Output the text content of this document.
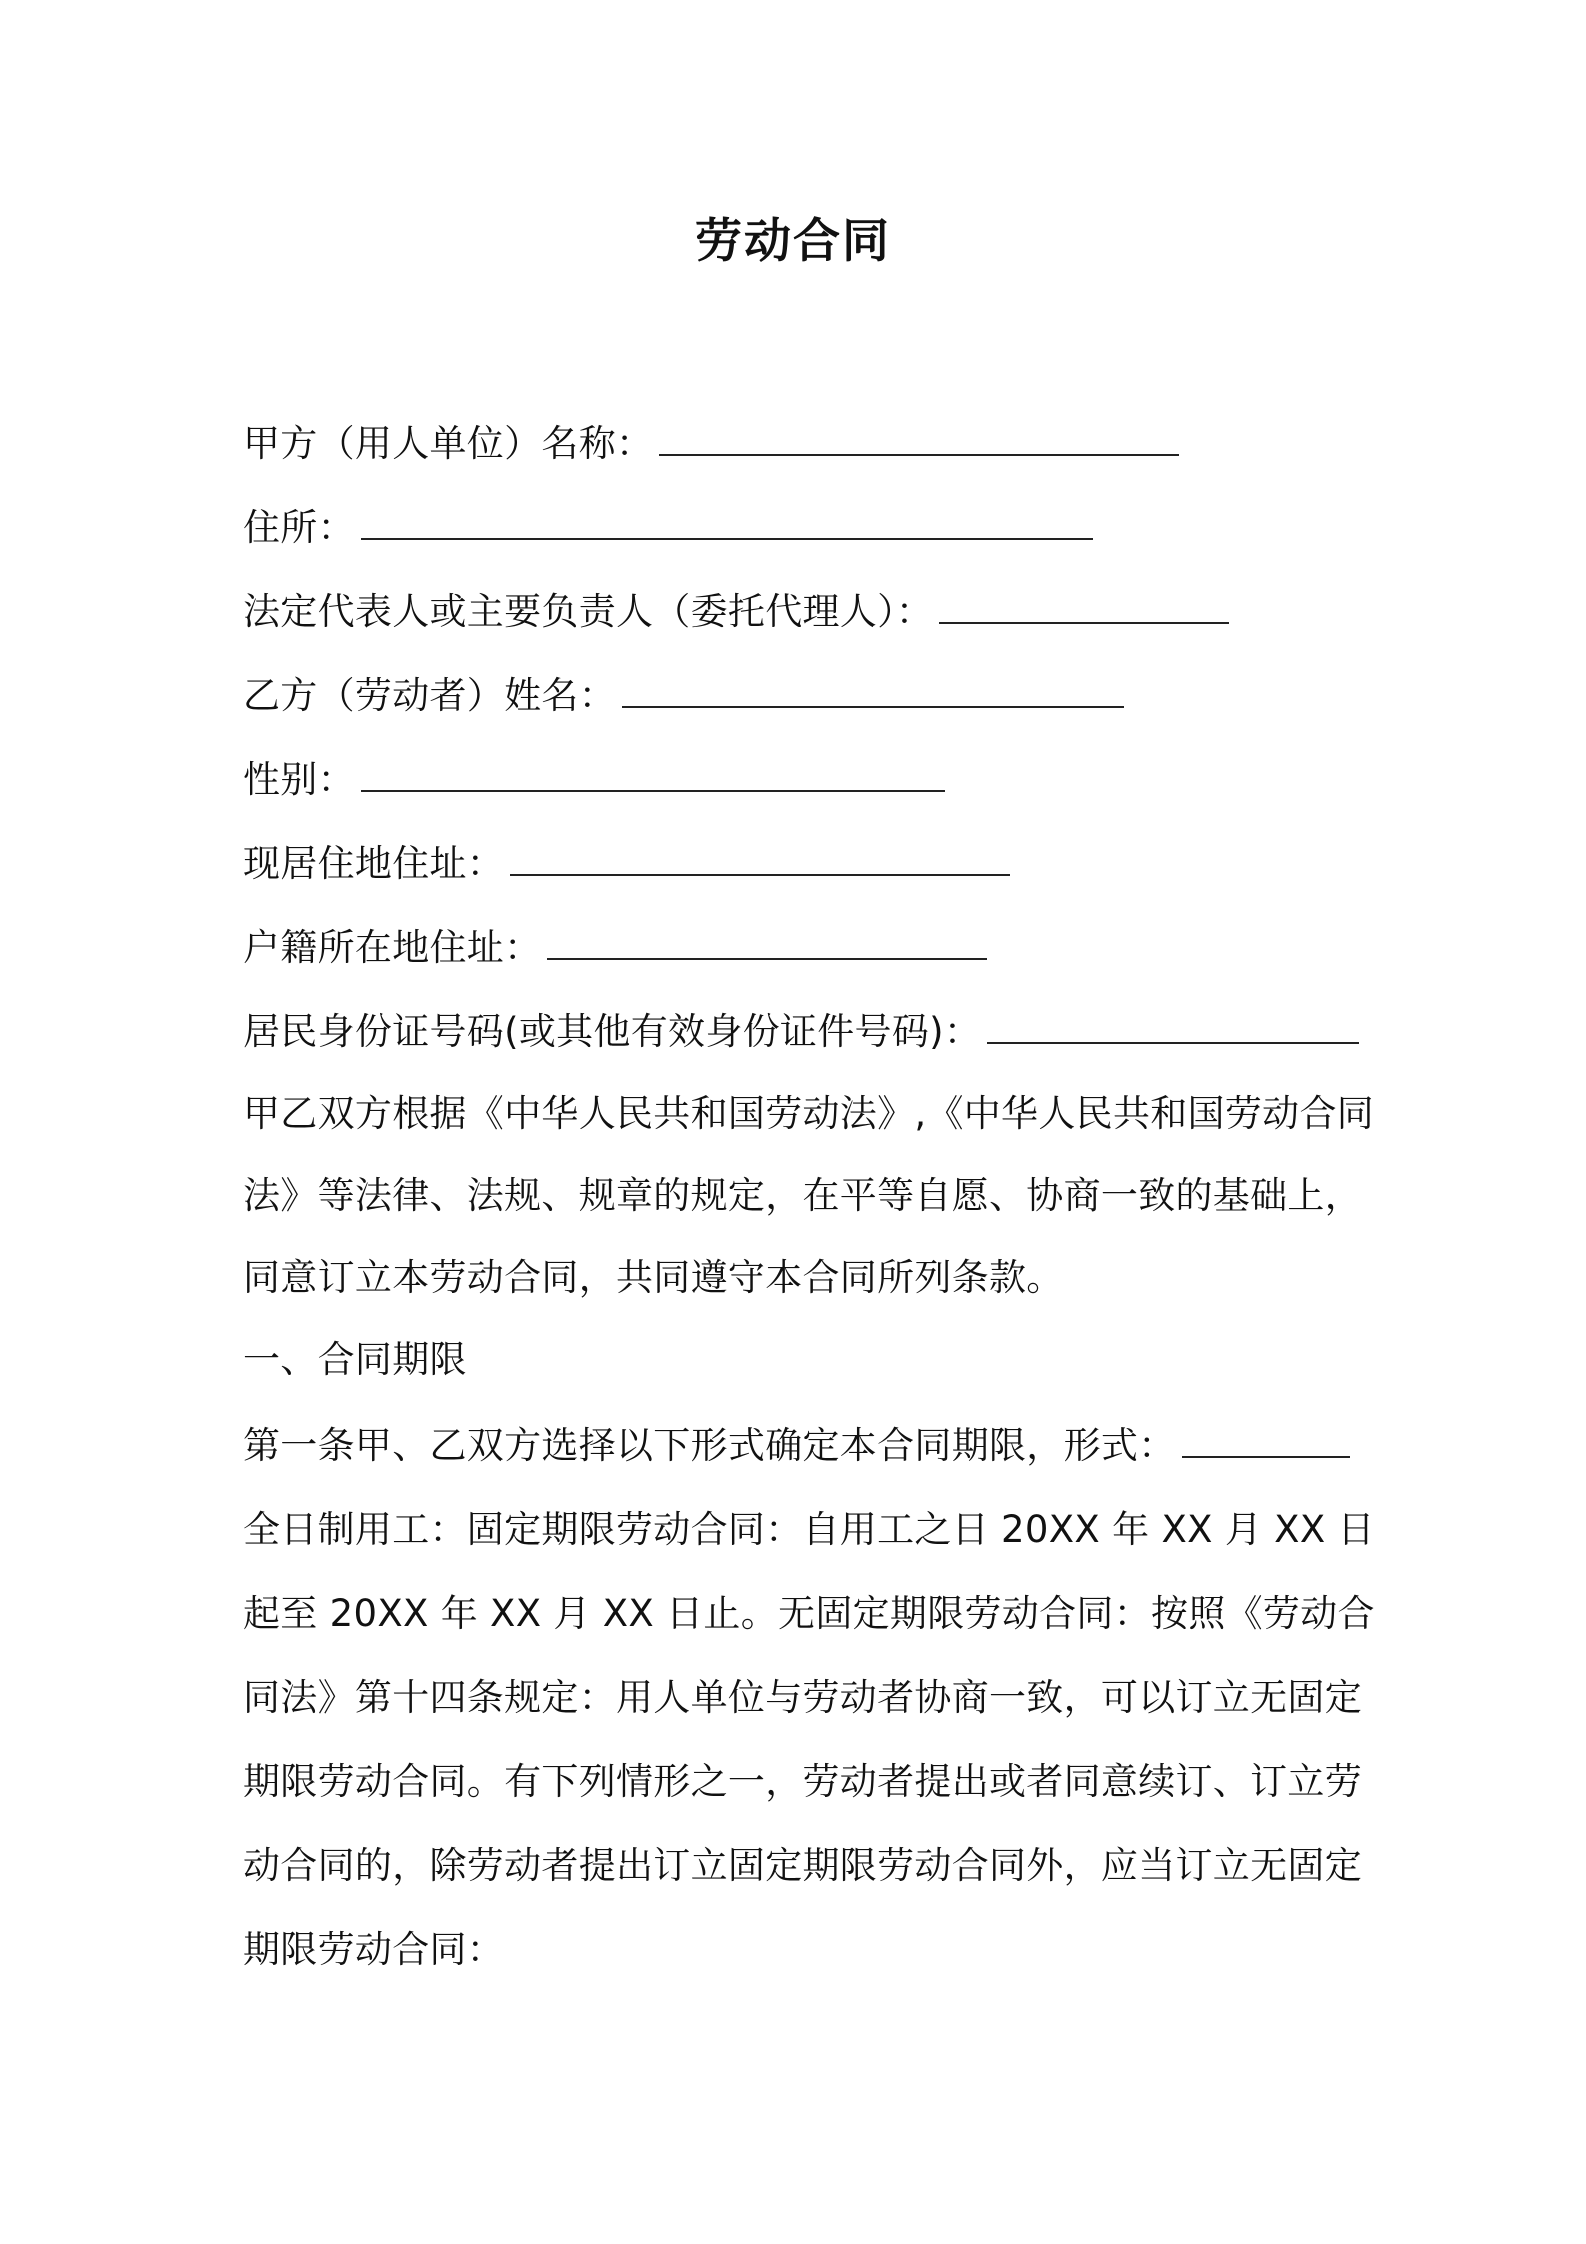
劳动合同
甲方（用人单位）名称：
住所：
法定代表人或主要负责人（委托代理人）：
乙方（劳动者）姓名：
性别：
现居住地住址：
户籍所在地住址：
居民身份证号码(或其他有效身份证件号码)：
甲乙双方根据《中华人民共和国劳动法》,《中华人民共和国劳动合同
法》等法律、法规、规章的规定，在平等自愿、协商一致的基础上，
同意订立本劳动合同，共同遵守本合同所列条款。
一、合同期限
第一条甲、乙双方选择以下形式确定本合同期限，形式：
全日制用工：固定期限劳动合同：自用工之日 20XX 年 XX 月 XX 日
起至 20XX 年 XX 月 XX 日止。无固定期限劳动合同：按照《劳动合
同法》第十四条规定：用人单位与劳动者协商一致，可以订立无固定
期限劳动合同。有下列情形之一，劳动者提出或者同意续订、订立劳
动合同的，除劳动者提出订立固定期限劳动合同外，应当订立无固定
期限劳动合同：
